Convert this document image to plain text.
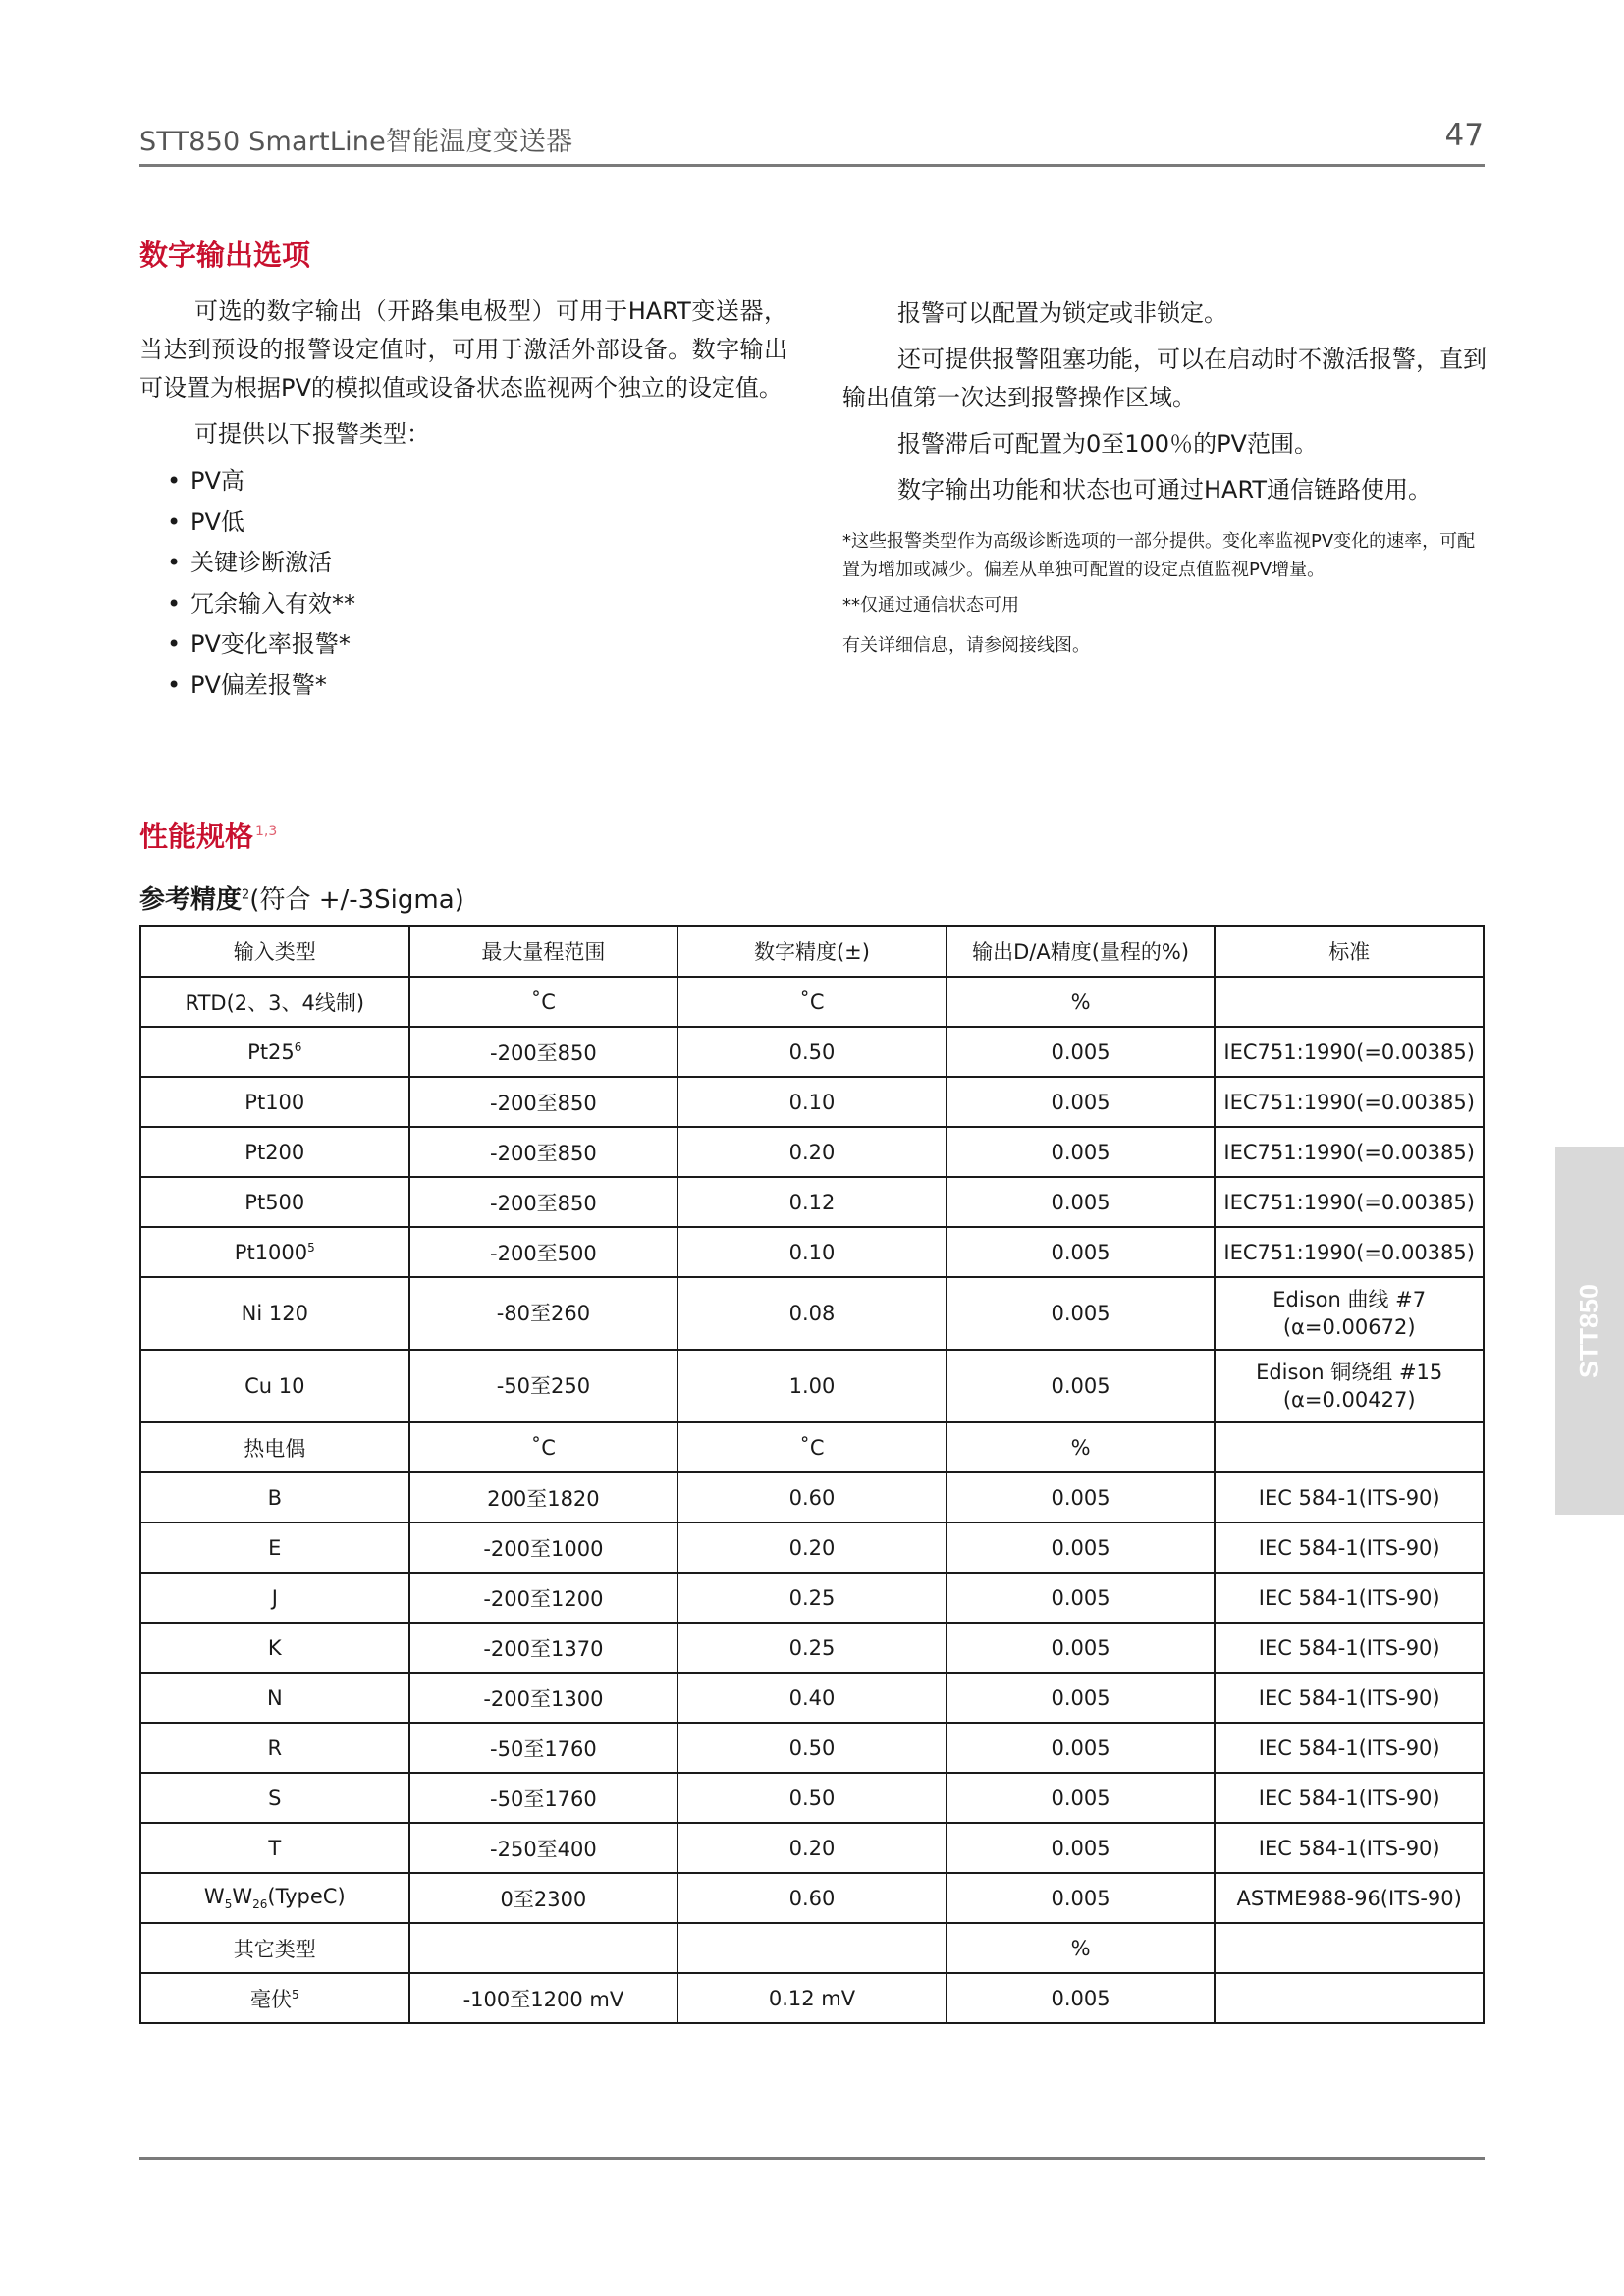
STT850 SmartLine智能温度变送器	47
数字输出选项

可选的数字输出（开路集电极型）可用于HART变送器，当达到预设的报警设定值时，可用于激活外部设备。数字输出可设置为根据PV的模拟值或设备状态监视两个独立的设定值。

可提供以下报警类型：

• PV高
• PV低
• 关键诊断激活
• 冗余输入有效**
• PV变化率报警*
• PV偏差报警*

报警可以配置为锁定或非锁定。

还可提供报警阻塞功能，可以在启动时不激活报警，直到输出值第一次达到报警操作区域。

报警滞后可配置为0至100％的PV范围。

数字输出功能和状态也可通过HART通信链路使用。

*这些报警类型作为高级诊断选项的一部分提供。变化率监视PV变化的速率，可配置为增加或减少。偏差从单独可配置的设定点值监视PV增量。

**仅通过通信状态可用

有关详细信息，请参阅接线图。

性能规格 $^{1,3}$
参考精度$^2$(符合 +/-3Sigma)
输入类型	最大量程范围	数字精度(±)	输出D/A精度(量程的%)	标准
RTD(2、3、4线制)	˚C	˚C	%	
$Pt25^6$	-200至850	0.50	0.005	IEC751:1990(=0.00385)
Pt100	-200至850	0.10	0.005	IEC751:1990(=0.00385)
Pt200	-200至850	0.20	0.005	IEC751:1990(=0.00385)
Pt500	-200至850	0.12	0.005	IEC751:1990(=0.00385)
Pt1000$^5$	-200至500	0.10	0.005	IEC751:1990(=0.00385)
Ni 120	-80至260	0.08	0.005	Edison 曲线 #7
(α=0.00672)
Cu 10	-50至250	1.00	0.005	Edison 铜绕组 #15
(α=0.00427)
热电偶	˚C	˚C	%	
B	200至1820	0.60	0.005	IEC 584-1(ITS-90)
E	-200至1000	0.20	0.005	IEC 584-1(ITS-90)
J	-200至1200	0.25	0.005	IEC 584-1(ITS-90)
K	-200至1370	0.25	0.005	IEC 584-1(ITS-90)
N	-200至1300	0.40	0.005	IEC 584-1(ITS-90)
R	-50至1760	0.50	0.005	IEC 584-1(ITS-90)
S	-50至1760	0.50	0.005	IEC 584-1(ITS-90)
T	-250至400	0.20	0.005	IEC 584-1(ITS-90)
$W_5W_{26}(TypeC)$	0至2300	0.60	0.005	ASTME988-96(ITS-90)
其它类型			%	
毫伏$^5$	-100至1200 mV	0.12 mV	0.005	
STT850
